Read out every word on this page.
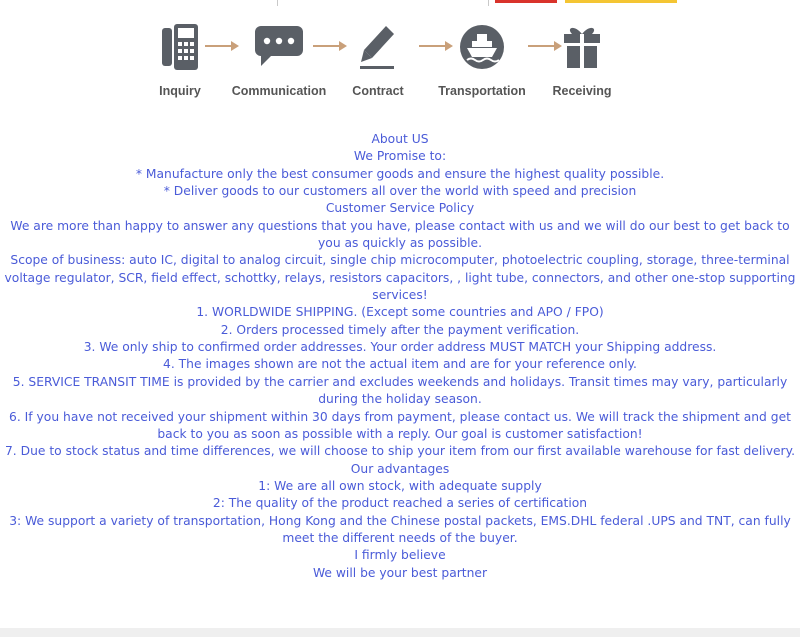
Inquiry	Communication	Contract	Transportation	Receiving

About US

We Promise to:

* Manufacture only the best consumer goods and ensure the highest quality possible.

* Deliver goods to our customers all over the world with speed and precision

Customer Service Policy

We are more than happy to answer any questions that you have, please contact with us and we will do our best to get back to you as quickly as possible.

Scope of business: auto IC, digital to analog circuit, single chip microcomputer, photoelectric coupling, storage, three-terminal voltage regulator, SCR, field effect, schottky, relays, resistors capacitors, , light tube, connectors, and other one-stop supporting services!

1. WORLDWIDE SHIPPING. (Except some countries and APO / FPO)

2. Orders processed timely after the payment verification.

3. We only ship to confirmed order addresses. Your order address MUST MATCH your Shipping address.

4. The images shown are not the actual item and are for your reference only.

5. SERVICE TRANSIT TIME is provided by the carrier and excludes weekends and holidays. Transit times may vary, particularly during the holiday season.

6. If you have not received your shipment within 30 days from payment, please contact us. We will track the shipment and get back to you as soon as possible with a reply. Our goal is customer satisfaction!

7. Due to stock status and time differences, we will choose to ship your item from our first available warehouse for fast delivery.

Our advantages

1: We are all own stock, with adequate supply

2: The quality of the product reached a series of certification

3: We support a variety of transportation, Hong Kong and the Chinese postal packets, EMS.DHL federal .UPS and TNT, can fully meet the different needs of the buyer.

I firmly believe

We will be your best partner
